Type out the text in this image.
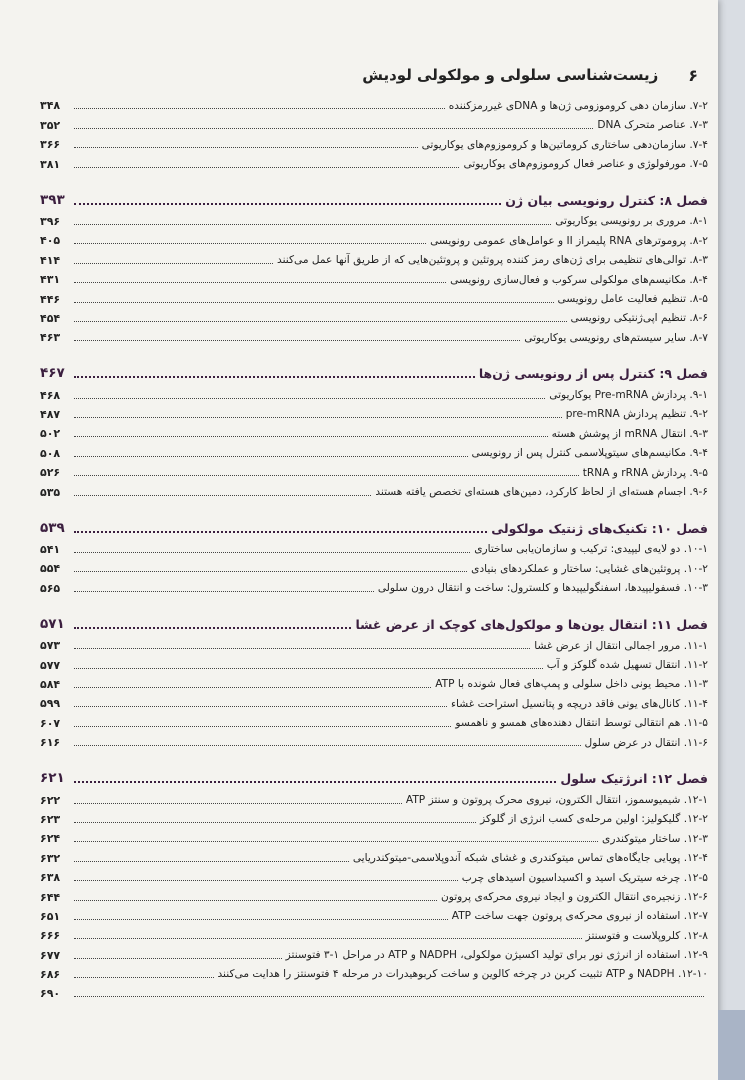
۶
زیست‌شناسی سلولی و مولکولی لودیش
۷-۲. سازمان دهی کروموزومی ژن‌ها و DNAی غیررمزکننده
۳۴۸
۷-۳. عناصر متحرک DNA
۳۵۲
۷-۴. سازمان‌دهی ساختاری کروماتین‌ها و کروموزوم‌های یوکاریوتی
۳۶۶
۷-۵. مورفولوژی و عناصر فعال کروموزوم‌های یوکاریوتی
۳۸۱
فصل ۸: کنترل رونویسی بیان ژن
۳۹۳
۸-۱. مروری بر رونویسی یوکاریوتی
۳۹۶
۸-۲. پروموترهای RNA پلیمراز II و عوامل‌های عمومی رونویسی
۴۰۵
۸-۳. توالی‌های تنظیمی برای ژن‌های رمز کننده پروتئین و پروتئین‌هایی که از طریق آنها عمل می‌کنند
۴۱۴
۸-۴. مکانیسم‌های مولکولی سرکوب و فعال‌سازی رونویسی
۴۳۱
۸-۵. تنظیم فعالیت عامل رونویسی
۴۴۶
۸-۶. تنظیم اپی‌ژنتیکی رونویسی
۴۵۴
۸-۷. سایر سیستم‌های رونویسی یوکاریوتی
۴۶۳
فصل ۹: کنترل پس از رونویسی ژن‌ها
۴۶۷
۹-۱. پردازش Pre-mRNA یوکاریوتی
۴۶۸
۹-۲. تنظیم پردازش pre-mRNA
۴۸۷
۹-۳. انتقال mRNA از پوشش هسته
۵۰۲
۹-۴. مکانیسم‌های سیتوپلاسمی کنترل پس از رونویسی
۵۰۸
۹-۵. پردازش rRNA و tRNA
۵۲۶
۹-۶. اجسام هسته‌ای از لحاظ کارکرد، دمین‌های هسته‌ای تخصص یافته هستند
۵۳۵
فصل ۱۰: تکنیک‌های ژنتیک مولکولی
۵۳۹
۱۰-۱. دو لایه‌ی لیپیدی: ترکیب و سازمان‌یابی ساختاری
۵۴۱
۱۰-۲. پروتئین‌های غشایی: ساختار و عملکردهای بنیادی
۵۵۴
۱۰-۳. فسفولیپیدها، اسفنگولیپیدها و کلسترول: ساخت و انتقال درون سلولی
۵۶۵
فصل ۱۱: انتقال یون‌ها و مولکول‌های کوچک از عرض غشا
۵۷۱
۱۱-۱. مرور اجمالی انتقال از عرض غشا
۵۷۳
۱۱-۲. انتقال تسهیل شده گلوکز و آب
۵۷۷
۱۱-۳. محیط یونی داخل سلولی و پمپ‌های فعال شونده با ATP
۵۸۴
۱۱-۴. کانال‌های یونی فاقد دریچه و پتانسیل استراحت غشاء
۵۹۹
۱۱-۵. هم انتقالی توسط انتقال دهنده‌های همسو و ناهمسو
۶۰۷
۱۱-۶. انتقال در عرض سلول
۶۱۶
فصل ۱۲: انرژتیک سلول
۶۲۱
۱۲-۱. شیمیوسموز، انتقال الکترون، نیروی محرک پروتون و سنتز ATP
۶۲۲
۱۲-۲. گلیکولیز: اولین مرحله‌ی کسب انرژی از گلوکز
۶۲۳
۱۲-۳. ساختار میتوکندری
۶۲۴
۱۲-۴. پویایی جایگاه‌های تماس میتوکندری و غشای شبکه آندوپلاسمی-میتوکندریایی
۶۳۲
۱۲-۵. چرخه سیتریک اسید و اکسیداسیون اسیدهای چرب
۶۳۸
۱۲-۶. زنجیره‌ی انتقال الکترون و ایجاد نیروی محرکه‌ی پروتون
۶۴۴
۱۲-۷. استفاده از نیروی محرکه‌ی پروتون جهت ساخت ATP
۶۵۱
۱۲-۸. کلروپلاست و فتوسنتز
۶۶۶
۱۲-۹. استفاده از انرژی نور برای تولید اکسیژن مولکولی، NADPH و ATP در مراحل ۱-۳ فتوسنتز
۶۷۷
۱۲-۱۰. NADPH و ATP تثبیت کربن در چرخه کالوین و ساخت کربوهیدرات در مرحله ۴ فتوسنتز را هدایت می‌کنند
۶۸۶
۶۹۰
